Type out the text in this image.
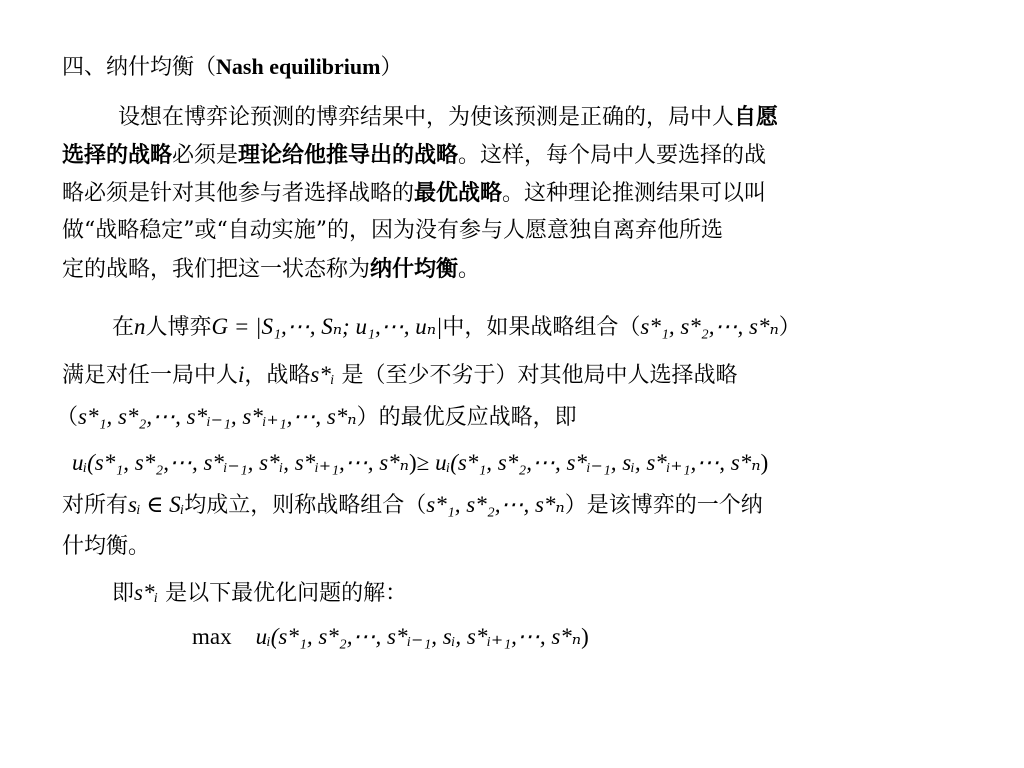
四、纳什均衡（Nash equilibrium）
设想在博弈论预测的博弈结果中，为使该预测是正确的，局中人自愿
选择的战略必须是理论给他推导出的战略。这样，每个局中人要选择的战
略必须是针对其他参与者选择战略的最优战略。这种理论推测结果可以叫
做“战略稳定”或“自动实施”的，因为没有参与人愿意独自离弃他所选
定的战略，我们把这一状态称为纳什均衡。
在n人博弈G = |S₁,⋯, Sₙ; u₁,⋯, uₙ|中，如果战略组合（s*₁, s*₂,⋯, s*ₙ）
满足对任一局中人i，战略s*ᵢ 是（至少不劣于）对其他局中人选择战略
（s*₁, s*₂,⋯, s*ᵢ₋₁, s*ᵢ₊₁,⋯, s*ₙ）的最优反应战略，即
uᵢ(s*₁, s*₂,⋯, s*ᵢ₋₁, s*ᵢ, s*ᵢ₊₁,⋯, s*ₙ)≥ uᵢ(s*₁, s*₂,⋯, s*ᵢ₋₁, sᵢ, s*ᵢ₊₁,⋯, s*ₙ)
对所有sᵢ ∈ Sᵢ均成立，则称战略组合（s*₁, s*₂,⋯, s*ₙ）是该博弈的一个纳
什均衡。
即s*ᵢ 是以下最优化问题的解：
max uᵢ(s*₁, s*₂,⋯, s*ᵢ₋₁, sᵢ, s*ᵢ₊₁,⋯, s*ₙ)
